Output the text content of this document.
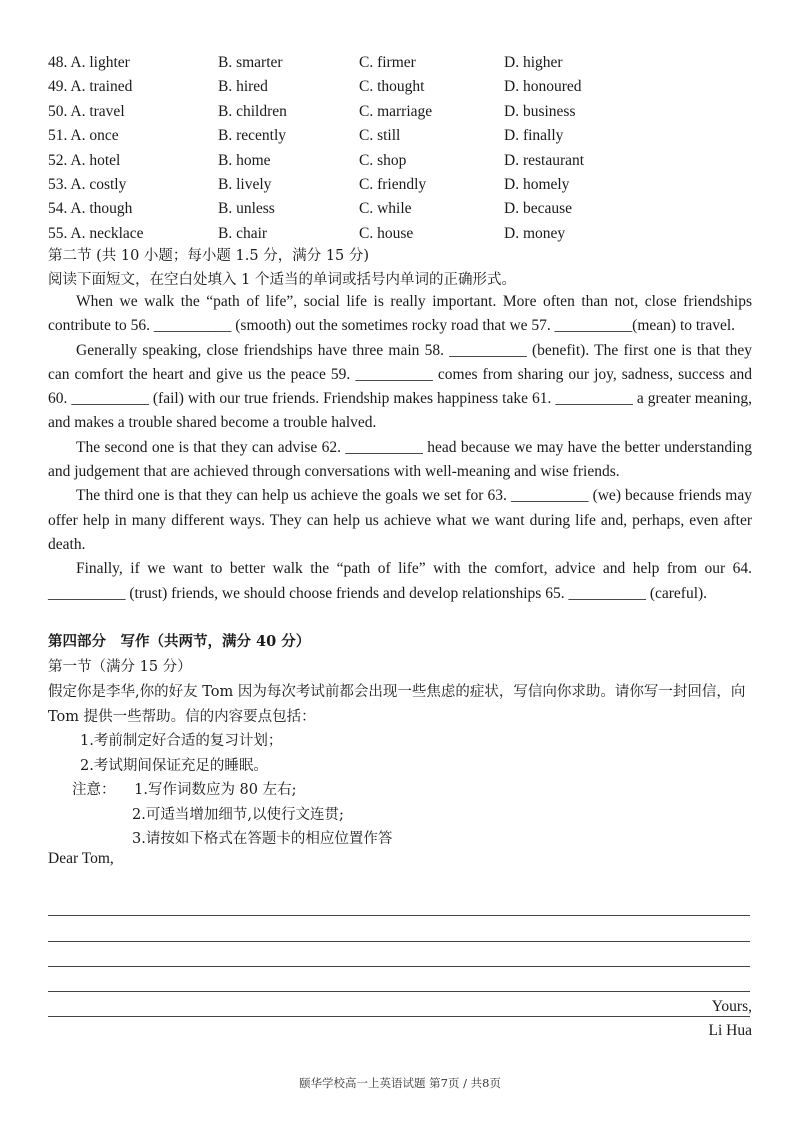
48. A. lighter	B. smarter	C. firmer	D. higher
49. A. trained	B. hired	C. thought	D. honoured
50. A. travel	B. children	C. marriage	D. business
51. A. once	B. recently	C. still	D. finally
52. A. hotel	B. home	C. shop	D. restaurant
53. A. costly	B. lively	C. friendly	D. homely
54. A. though	B. unless	C. while	D. because
55. A. necklace	B. chair	C. house	D. money
第二节 (共 10 小题；每小题 1.5 分，满分 15 分)
阅读下面短文，在空白处填入 1 个适当的单词或括号内单词的正确形式。

When we walk the “path of life”, social life is really important. More often than not, close friendships contribute to 56. __________ (smooth) out the sometimes rocky road that we 57. __________(mean) to travel.

Generally speaking, close friendships have three main 58. __________ (benefit). The first one is that they can comfort the heart and give us the peace 59. __________ comes from sharing our joy, sadness, success and 60. __________ (fail) with our true friends. Friendship makes happiness take 61. __________ a greater meaning, and makes a trouble shared become a trouble halved.

The second one is that they can advise 62. __________ head because we may have the better understanding and judgement that are achieved through conversations with well-meaning and wise friends.

The third one is that they can help us achieve the goals we set for 63. __________ (we) because friends may offer help in many different ways. They can help us achieve what we want during life and, perhaps, even after death.

Finally, if we want to better walk the “path of life” with the comfort, advice and help from our 64. __________ (trust) friends, we should choose friends and develop relationships 65. __________ (careful).

第四部分　写作（共两节，满分 40 分）
第一节（满分 15 分）
假定你是李华,你的好友 Tom 因为每次考试前都会出现一些焦虑的症状，写信向你求助。请你写一封回信，向 Tom 提供一些帮助。信的内容要点包括：
1.考前制定好合适的复习计划；
2.考试期间保证充足的睡眠。
注意： 1.写作词数应为 80 左右;
2.可适当增加细节,以使行文连贯;
3.请按如下格式在答题卡的相应位置作答
Dear Tom,
Yours,
Li Hua
颐华学校高一上英语试题 第7页 / 共8页
